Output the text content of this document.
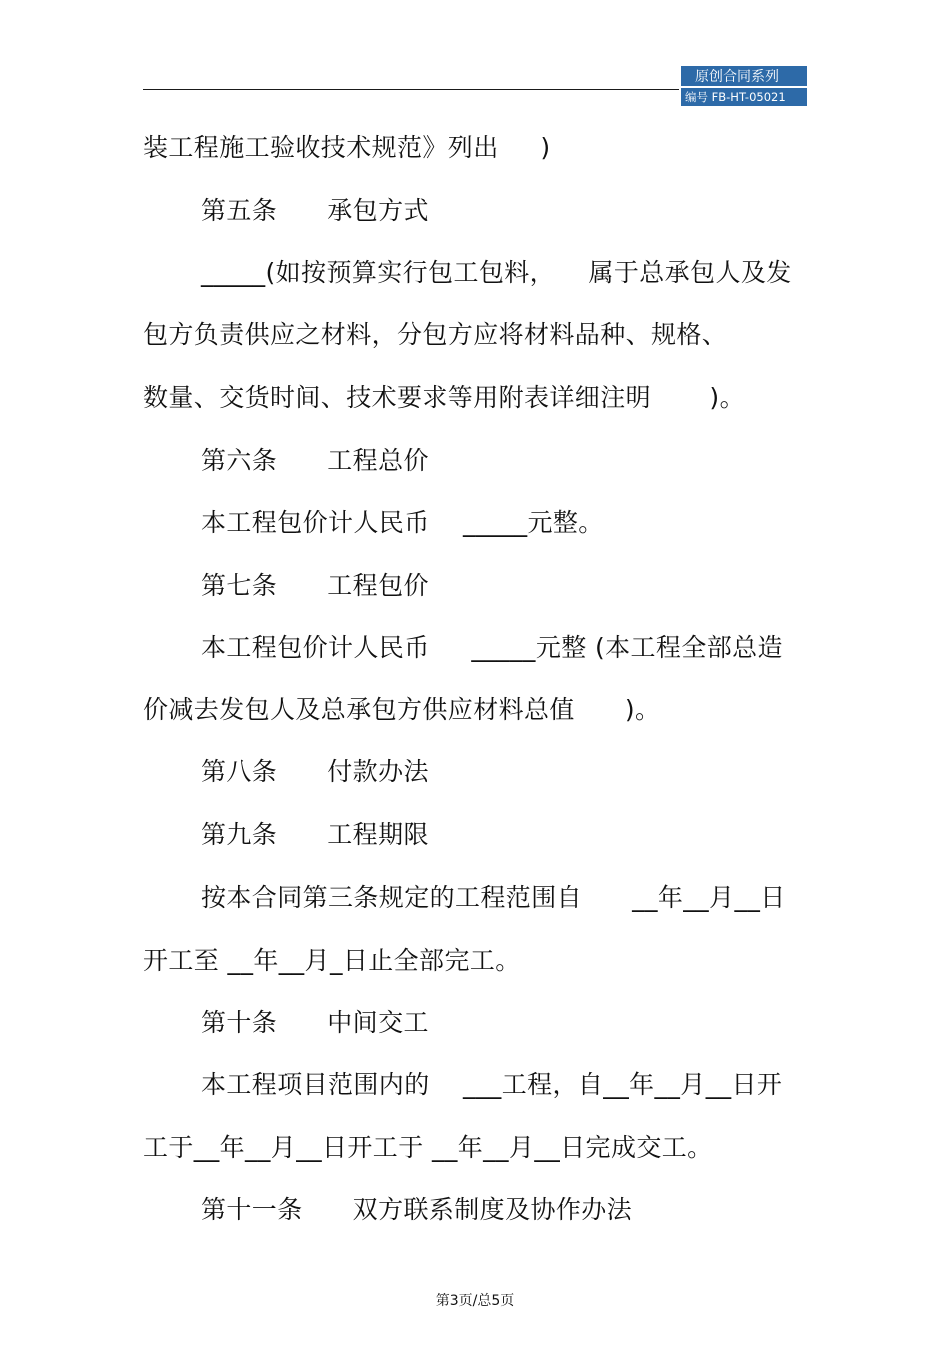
原创合同系列
编号 FB-HT-05021
装工程施工验收技术规范》列出     )
第五条      承包方式
_____(如按预算实行包工包料，    属于总承包人及发
包方负责供应之材料，分包方应将材料品种、规格、
数量、交货时间、技术要求等用附表详细注明       )。
第六条      工程总价
本工程包价计人民币    _____元整。
第七条      工程包价
本工程包价计人民币     _____元整 (本工程全部总造
价减去发包人及总承包方供应材料总值      )。
第八条      付款办法
第九条      工程期限
按本合同第三条规定的工程范围自      __年__月__日
开工至 __年__月_日止全部完工。
第十条      中间交工
本工程项目范围内的    ___工程，自__年__月__日开
工于__年__月__日开工于 __年__月__日完成交工。
第十一条      双方联系制度及协作办法
第3页/总5页
